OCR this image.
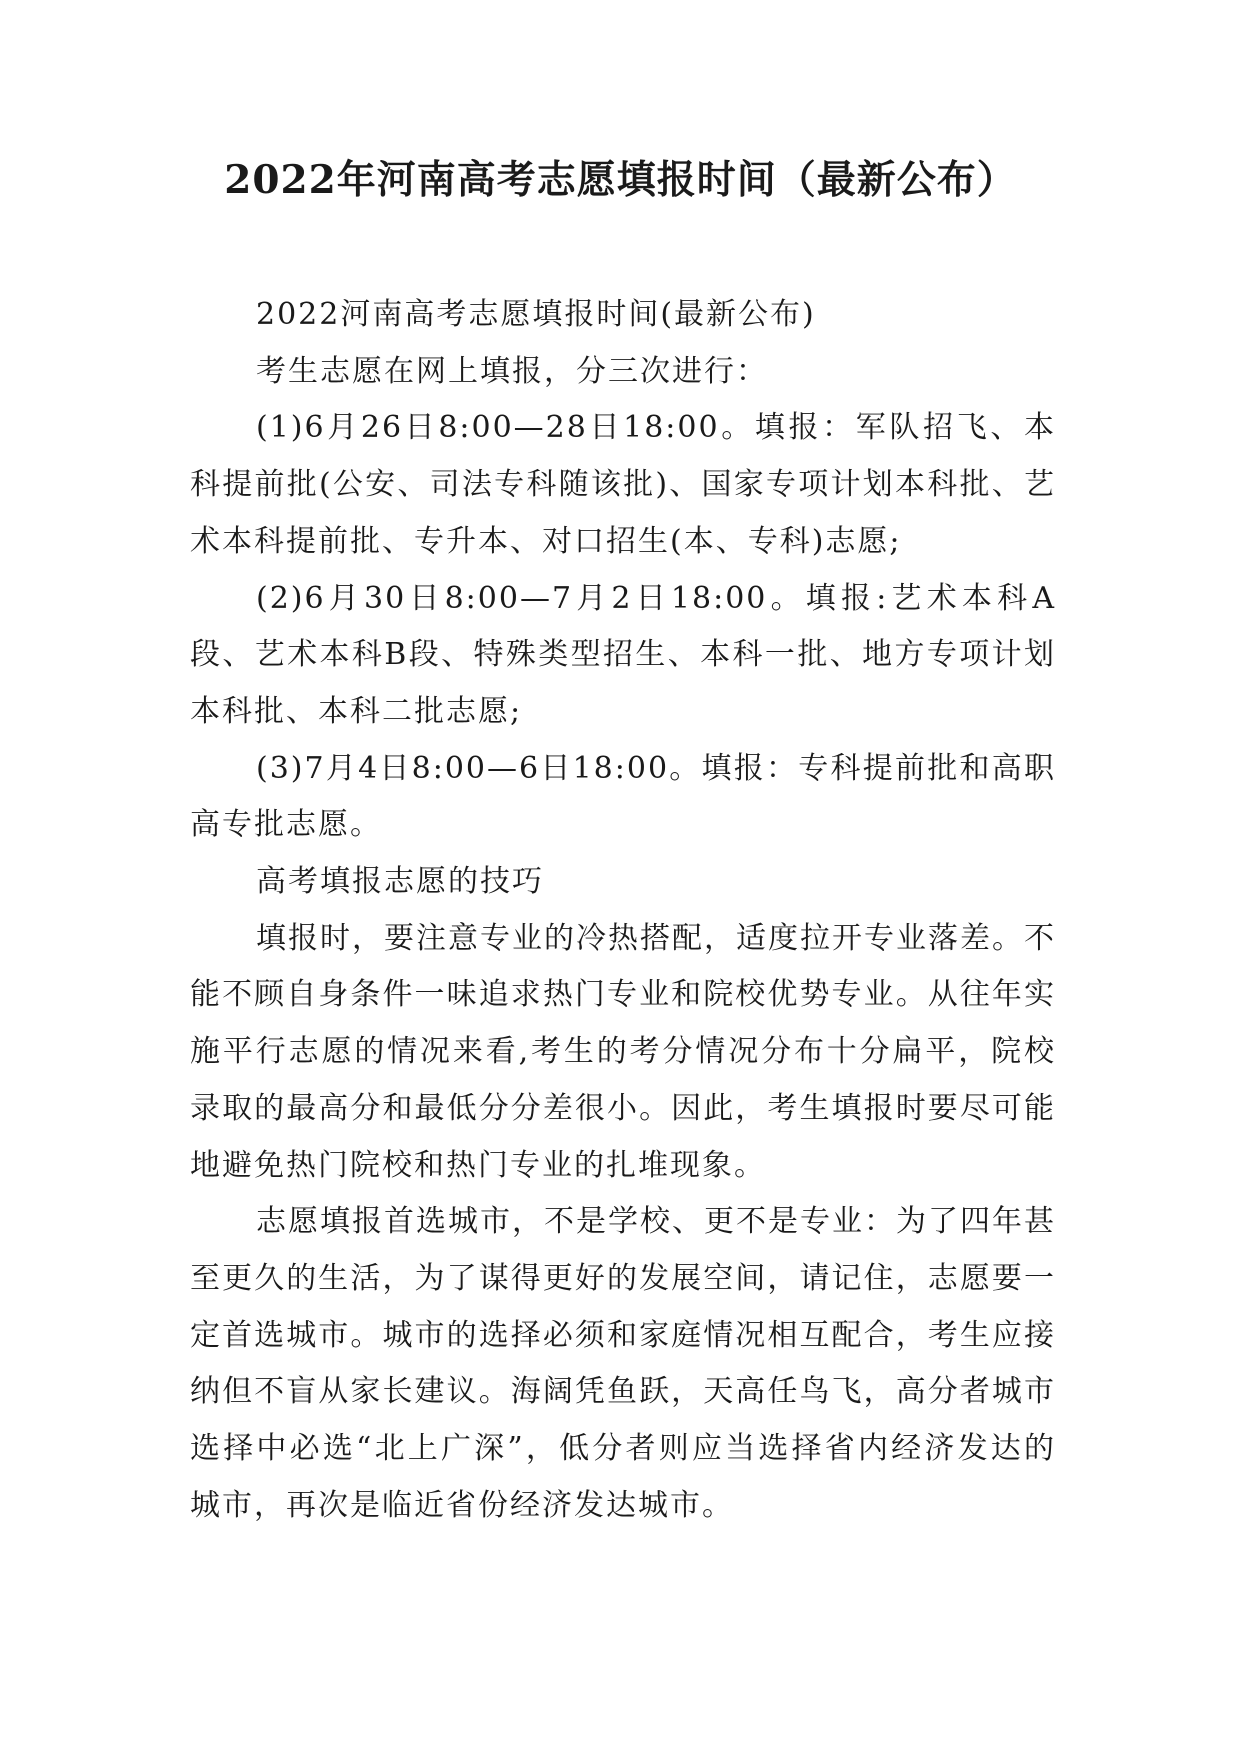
2022年河南高考志愿填报时间（最新公布）

2022河南高考志愿填报时间(最新公布)

考生志愿在网上填报，分三次进行：

(1)6月26日8:00—28日18:00。填报：军队招飞、本科提前批(公安、司法专科随该批)、国家专项计划本科批、艺术本科提前批、专升本、对口招生(本、专科)志愿;

(2)6月30日8:00—7月2日18:00。填报:艺术本科A段、艺术本科B段、特殊类型招生、本科一批、地方专项计划本科批、本科二批志愿;

(3)7月4日8:00—6日18:00。填报：专科提前批和高职高专批志愿。

高考填报志愿的技巧

填报时，要注意专业的冷热搭配，适度拉开专业落差。不能不顾自身条件一味追求热门专业和院校优势专业。从往年实施平行志愿的情况来看,考生的考分情况分布十分扁平，院校录取的最高分和最低分分差很小。因此，考生填报时要尽可能地避免热门院校和热门专业的扎堆现象。

志愿填报首选城市，不是学校、更不是专业：为了四年甚至更久的生活，为了谋得更好的发展空间，请记住，志愿要一定首选城市。城市的选择必须和家庭情况相互配合，考生应接纳但不盲从家长建议。海阔凭鱼跃，天高任鸟飞，高分者城市选择中必选“北上广深”，低分者则应当选择省内经济发达的城市，再次是临近省份经济发达城市。
